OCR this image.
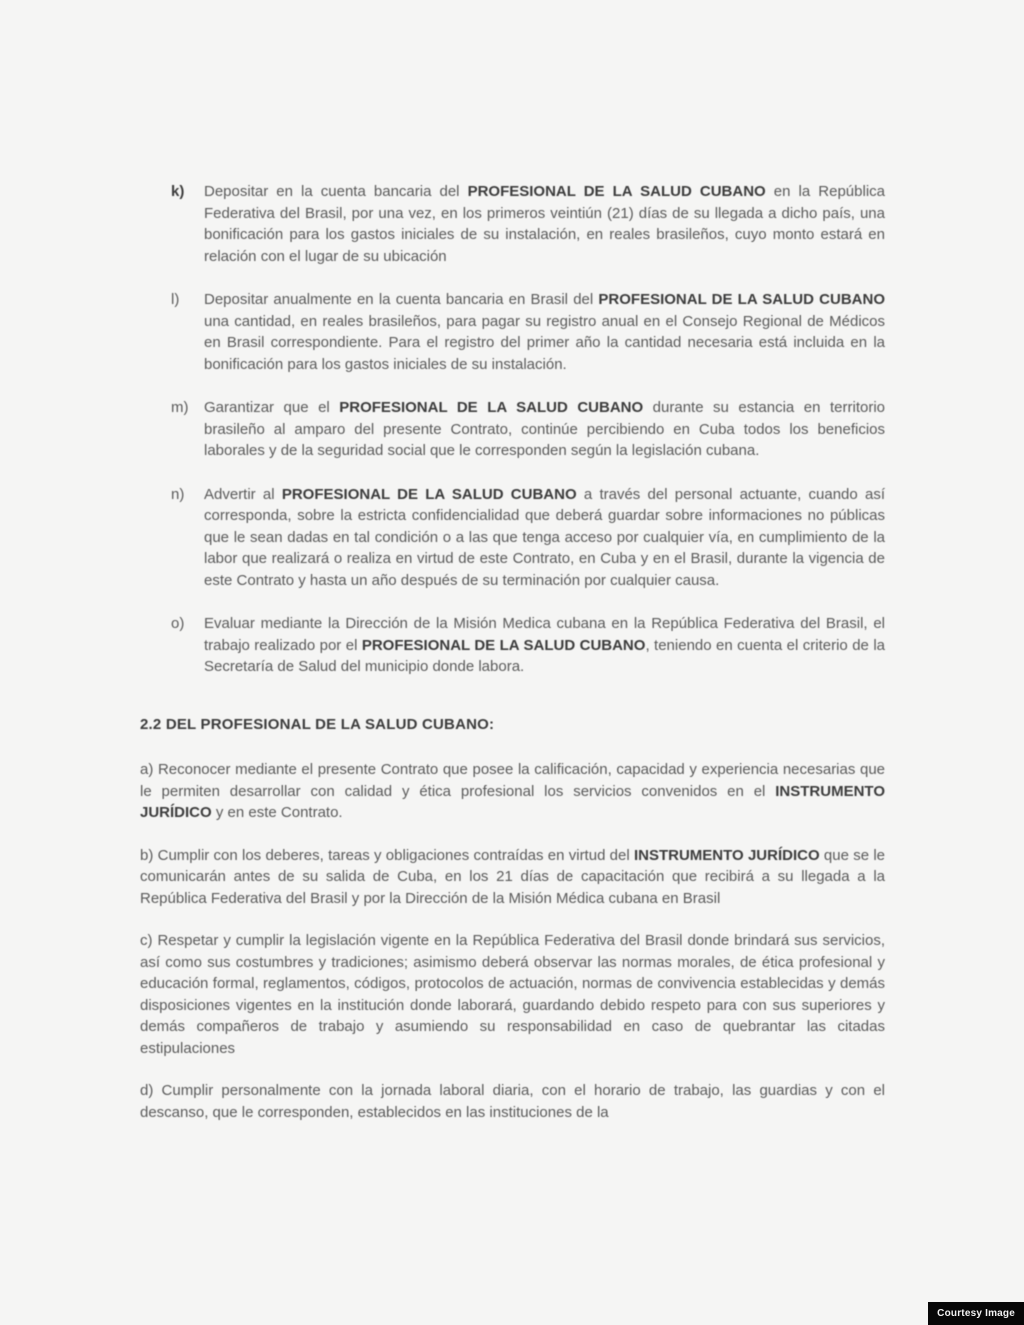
k)	Depositar en la cuenta bancaria del PROFESIONAL DE LA SALUD CUBANO en la República Federativa del Brasil, por una vez, en los primeros veintiún (21) días de su llegada a dicho país, una bonificación para los gastos iniciales de su instalación, en reales brasileños, cuyo monto estará en relación con el lugar de su ubicación
l)	Depositar anualmente en la cuenta bancaria en Brasil del PROFESIONAL DE LA SALUD CUBANO una cantidad, en reales brasileños, para pagar su registro anual en el Consejo Regional de Médicos en Brasil correspondiente. Para el registro del primer año la cantidad necesaria está incluida en la bonificación para los gastos iniciales de su instalación.
m)	Garantizar que el PROFESIONAL DE LA SALUD CUBANO durante su estancia en territorio brasileño al amparo del presente Contrato, continúe percibiendo en Cuba todos los beneficios laborales y de la seguridad social que le corresponden según la legislación cubana.
n)	Advertir al PROFESIONAL DE LA SALUD CUBANO a través del personal actuante, cuando así corresponda, sobre la estricta confidencialidad que deberá guardar sobre informaciones no públicas que le sean dadas en tal condición o a las que tenga acceso por cualquier vía, en cumplimiento de la labor que realizará o realiza en virtud de este Contrato, en Cuba y en el Brasil, durante la vigencia de este Contrato y hasta un año después de su terminación por cualquier causa.
o)	Evaluar mediante la Dirección de la Misión Medica cubana en la República Federativa del Brasil, el trabajo realizado por el PROFESIONAL DE LA SALUD CUBANO, teniendo en cuenta el criterio de la Secretaría de Salud del municipio donde labora.
2.2 DEL PROFESIONAL DE LA SALUD CUBANO:
a) Reconocer mediante el presente Contrato que posee la calificación, capacidad y experiencia necesarias que le permiten desarrollar con calidad y ética profesional los servicios convenidos en el INSTRUMENTO JURÍDICO y en este Contrato.
b) Cumplir con los deberes, tareas y obligaciones contraídas en virtud del INSTRUMENTO JURÍDICO que se le comunicarán antes de su salida de Cuba, en los 21 días de capacitación que recibirá a su llegada a la República Federativa del Brasil y por la Dirección de la Misión Médica cubana en Brasil
c) Respetar y cumplir la legislación vigente en la República Federativa del Brasil donde brindará sus servicios, así como sus costumbres y tradiciones; asimismo deberá observar las normas morales, de ética profesional y educación formal, reglamentos, códigos, protocolos de actuación, normas de convivencia establecidas y demás disposiciones vigentes en la institución donde laborará, guardando debido respeto para con sus superiores y demás compañeros de trabajo y asumiendo su responsabilidad en caso de quebrantar las citadas estipulaciones
d) Cumplir personalmente con la jornada laboral diaria, con el horario de trabajo, las guardias y con el descanso, que le corresponden, establecidos en las instituciones de la
Courtesy Image
